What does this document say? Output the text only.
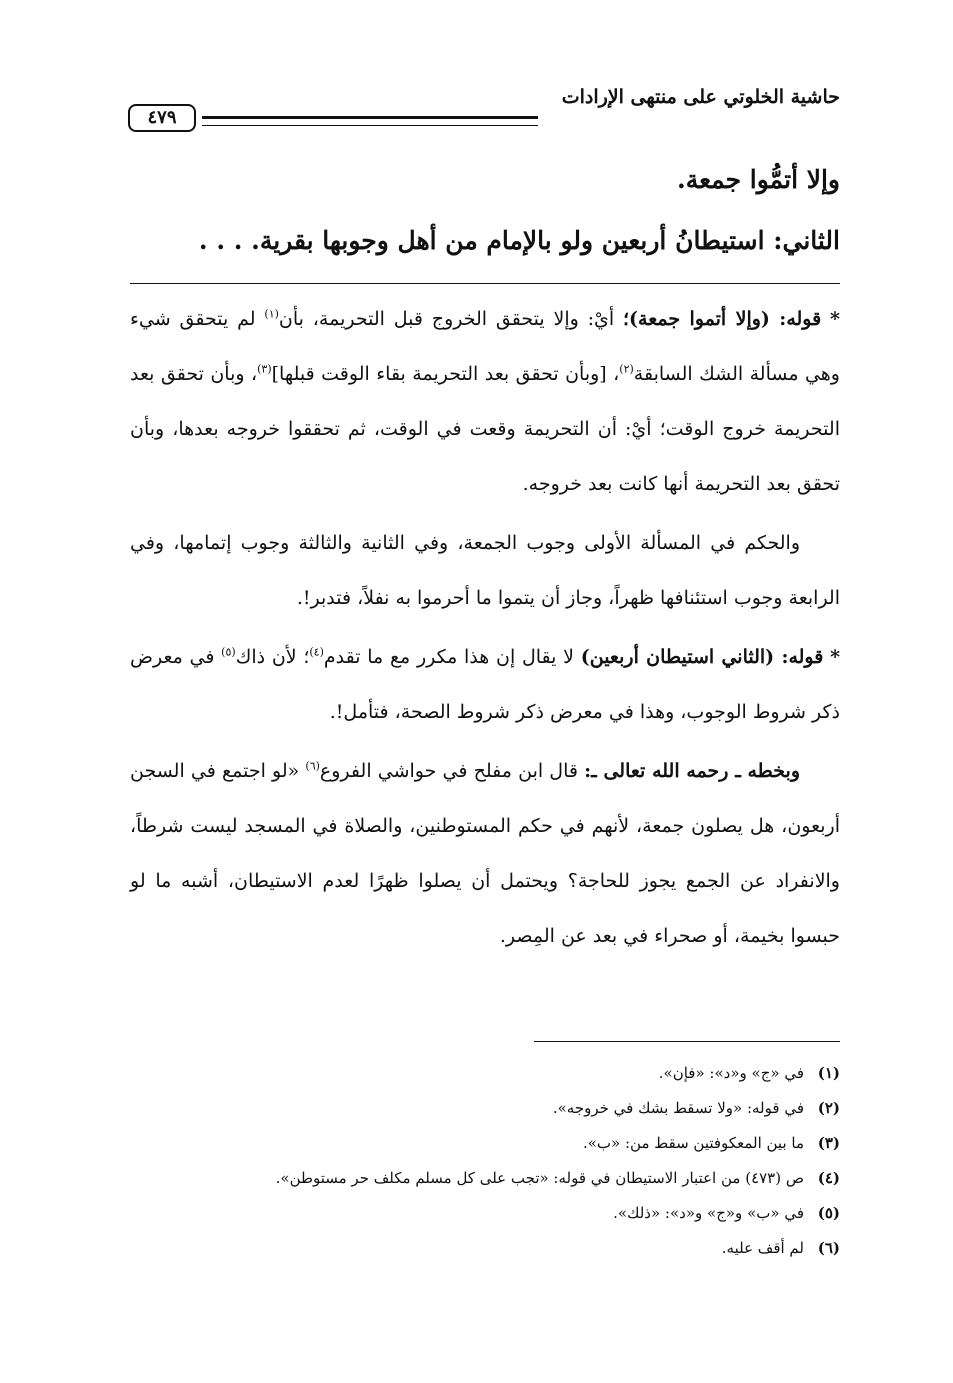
حاشية الخلوتي على منتهى الإرادات
٤٧٩
وإلا أتمُّوا جمعة.
الثاني: استيطانُ أربعين ولو بالإمام من أهل وجوبها بقرية. . . .

* قوله: (وإلا أتموا جمعة)؛ أيْ: وإلا يتحقق الخروج قبل التحريمة، بأن$^{(١)}$ لم يتحقق شيء وهي مسألة الشك السابقة$^{(٢)}$، [وبأن تحقق بعد التحريمة بقاء الوقت قبلها]$^{(٣)}$، وبأن تحقق بعد التحريمة خروج الوقت؛ أيْ: أن التحريمة وقعت في الوقت، ثم تحققوا خروجه بعدها، وبأن تحقق بعد التحريمة أنها كانت بعد خروجه.

والحكم في المسألة الأولى وجوب الجمعة، وفي الثانية والثالثة وجوب إتمامها، وفي الرابعة وجوب استئنافها ظهراً، وجاز أن يتموا ما أحرموا به نفلاً، فتدبر!.

* قوله: (الثاني استيطان أربعين) لا يقال إن هذا مكرر مع ما تقدم$^{(٤)}$؛ لأن ذاك$^{(٥)}$ في معرض ذكر شروط الوجوب، وهذا في معرض ذكر شروط الصحة، فتأمل!.

وبخطه ـ رحمه الله تعالى ـ: قال ابن مفلح في حواشي الفروع$^{(٦)}$ «لو اجتمع في السجن أربعون، هل يصلون جمعة، لأنهم في حكم المستوطنين، والصلاة في المسجد ليست شرطاً، والانفراد عن الجمع يجوز للحاجة؟ ويحتمل أن يصلوا ظهرًا لعدم الاستيطان، أشبه ما لو حبسوا بخيمة، أو صحراء في بعد عن المِصر.

(١)في «ج» و«د»: «فإن».
(٢)في قوله: «ولا تسقط بشك في خروجه».
(٣)ما بين المعكوفتين سقط من: «ب».
(٤)ص (٤٧٣) من اعتبار الاستيطان في قوله: «تجب على كل مسلم مكلف حر مستوطن».
(٥)في «ب» و«ج» و«د»: «ذلك».
(٦)لم أقف عليه.
